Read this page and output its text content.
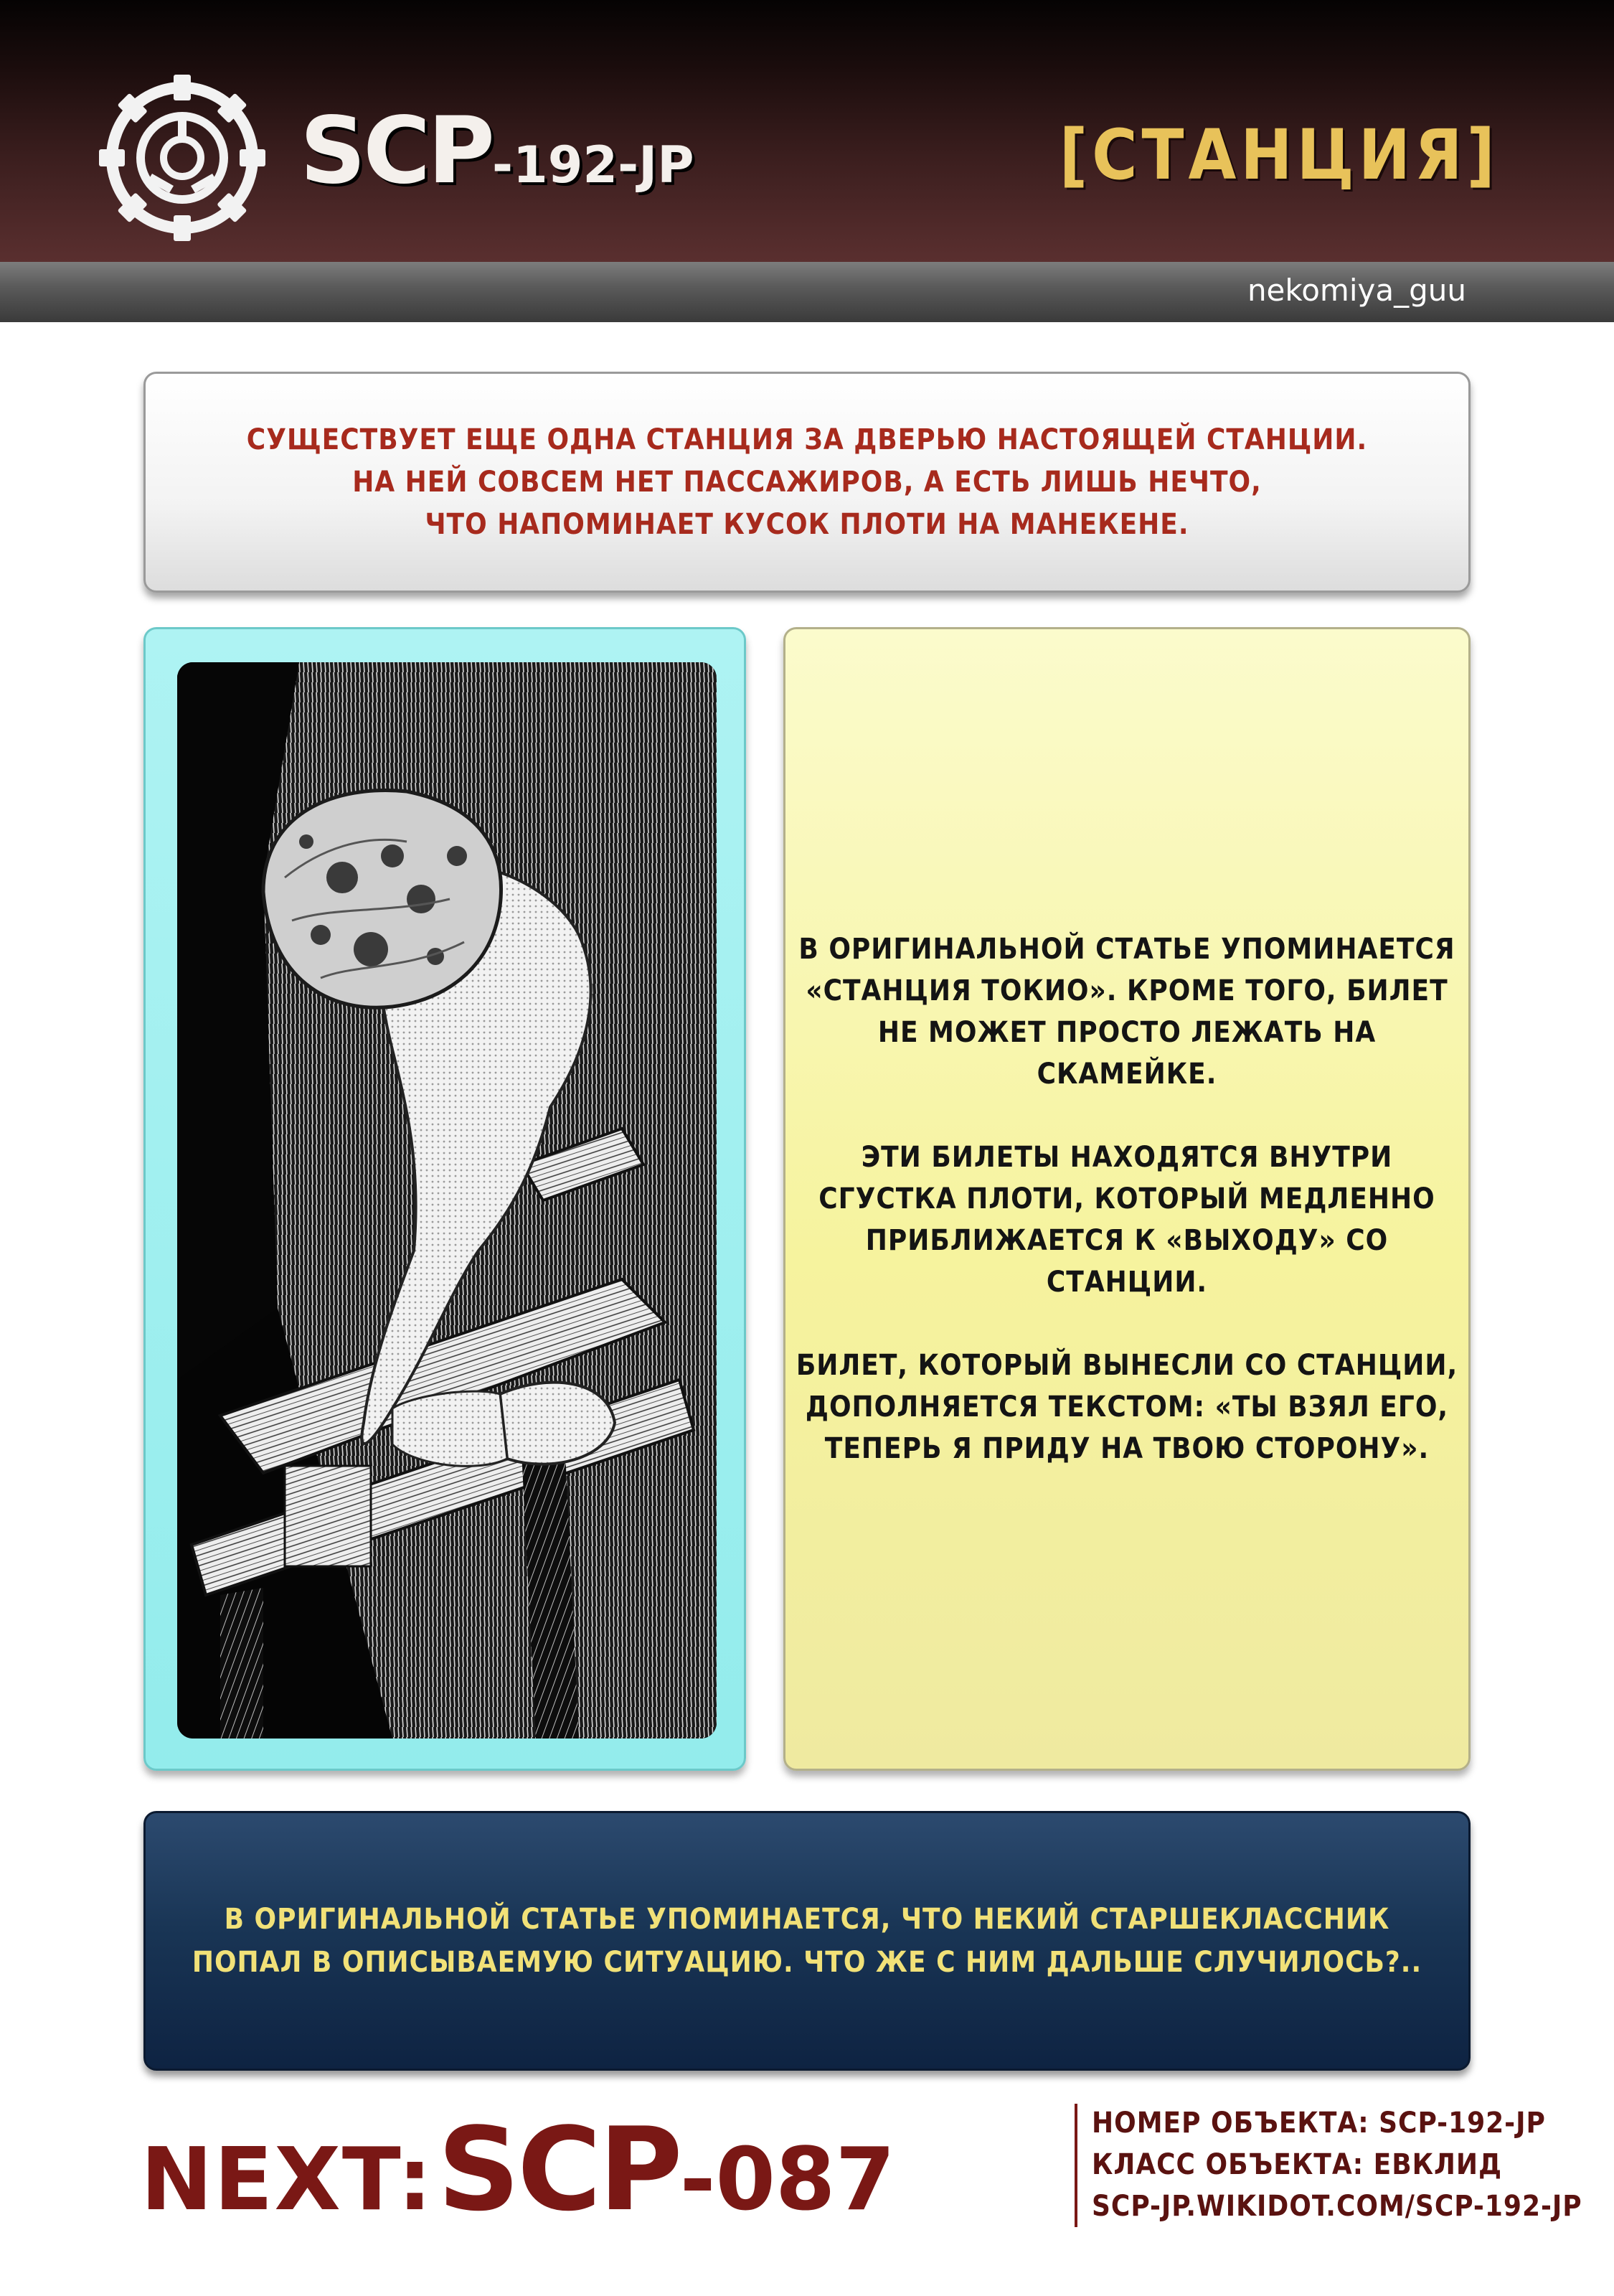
SCP-192-JP	[СТАНЦИЯ]
nekomiya_guu
СУЩЕСТВУЕТ ЕЩЕ ОДНА СТАНЦИЯ ЗА ДВЕРЬЮ НАСТОЯЩЕЙ СТАНЦИИ.
НА НЕЙ СОВСЕМ НЕТ ПАССАЖИРОВ, А ЕСТЬ ЛИШЬ НЕЧТО,
ЧТО НАПОМИНАЕТ КУСОК ПЛОТИ НА МАНЕКЕНЕ.

В ОРИГИНАЛЬНОЙ СТАТЬЕ УПОМИНАЕТСЯ
«СТАНЦИЯ ТОКИО». КРОМЕ ТОГО, БИЛЕТ
НЕ МОЖЕТ ПРОСТО ЛЕЖАТЬ НА СКАМЕЙКЕ.

ЭТИ БИЛЕТЫ НАХОДЯТСЯ ВНУТРИ
СГУСТКА ПЛОТИ, КОТОРЫЙ МЕДЛЕННО
ПРИБЛИЖАЕТСЯ К «ВЫХОДУ» СО СТАНЦИИ.

БИЛЕТ, КОТОРЫЙ ВЫНЕСЛИ СО СТАНЦИИ,
ДОПОЛНЯЕТСЯ ТЕКСТОМ: «ТЫ ВЗЯЛ ЕГО,
ТЕПЕРЬ Я ПРИДУ НА ТВОЮ СТОРОНУ».

В ОРИГИНАЛЬНОЙ СТАТЬЕ УПОМИНАЕТСЯ, ЧТО НЕКИЙ СТАРШЕКЛАССНИК
ПОПАЛ В ОПИСЫВАЕМУЮ СИТУАЦИЮ. ЧТО ЖЕ С НИМ ДАЛЬШЕ СЛУЧИЛОСЬ?..
NEXT: SCP-087
НОМЕР ОБЪЕКТА: SCP-192-JP
КЛАСС ОБЪЕКТА: ЕВКЛИД
SCP-JP.WIKIDOT.COM/SCP-192-JP
